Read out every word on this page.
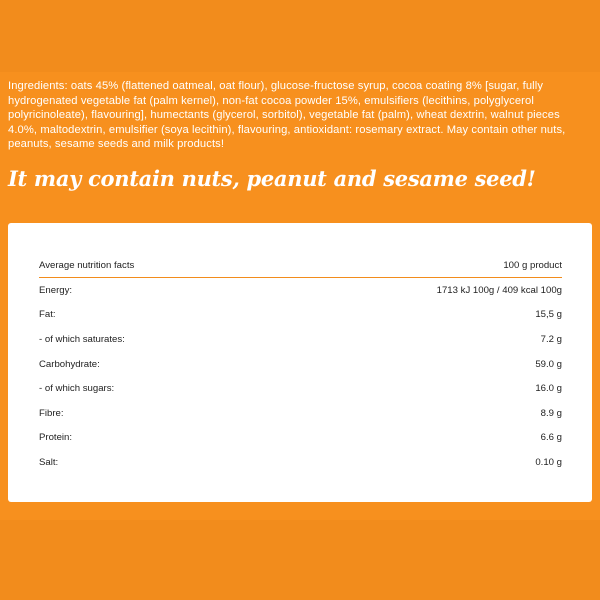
Ingredients: oats 45% (flattened oatmeal, oat flour), glucose-fructose syrup, cocoa coating 8% [sugar, fully hydrogenated vegetable fat (palm kernel), non-fat cocoa powder 15%, emulsifiers (lecithins, polyglycerol polyricinoleate), flavouring], humectants (glycerol, sorbitol), vegetable fat (palm), wheat dextrin, walnut pieces 4.0%, maltodextrin, emulsifier (soya lecithin), flavouring, antioxidant: rosemary extract. May contain other nuts, peanuts, sesame seeds and milk products!
It may contain nuts, peanut and sesame seed!
Average nutrition facts	100 g product
Energy:	1713 kJ 100g / 409 kcal 100g
Fat:	15,5 g
- of which saturates:	7.2 g
Carbohydrate:	59.0 g
- of which sugars:	16.0 g
Fibre:	8.9 g
Protein:	6.6 g
Salt:	0.10 g
